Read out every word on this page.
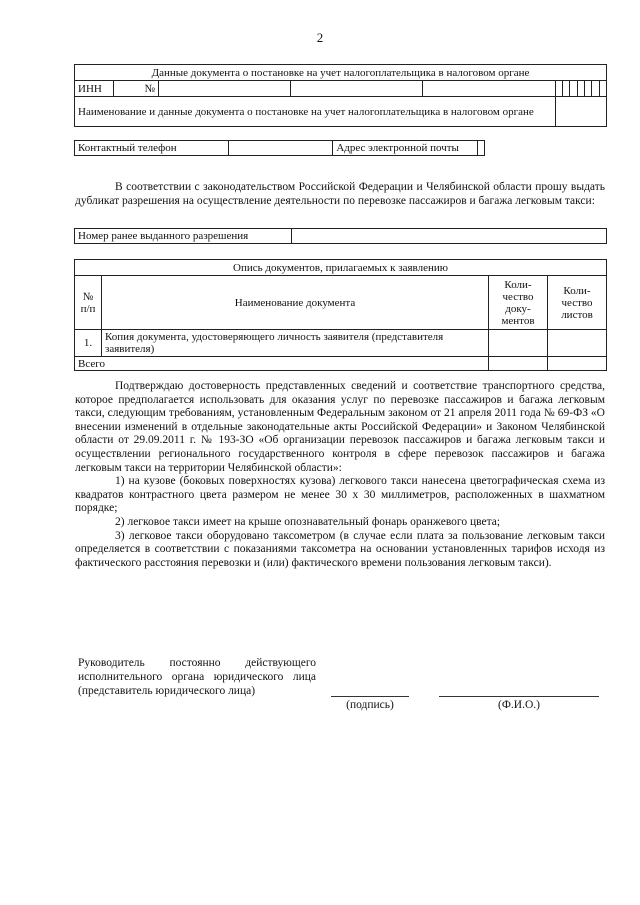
2
Данные документа о постановке на учет налогоплательщика в налоговом органе											
ИНН	№										
Наименование и данные документа о постановке на учет налогоплательщика в налоговом органе											
Контактный телефон		Адрес электронной почты	
В соответствии с законодательством Российской Федерации и Челябинской области прошу выдать дубликат разрешения на осуществление деятельности по перевозке пассажиров и багажа легковым такси:
Номер ранее выданного разрешения	
Опись документов, прилагаемых к заявлению			
№ п/п	Наименование документа	Коли-чество доку-ментов	Коли-чество листов
1.	Копия документа, удостоверяющего личность заявителя (представителя заявителя)		
Всего			

Подтверждаю достоверность представленных сведений и соответствие транспортного средства, которое предполагается использовать для оказания услуг по перевозке пассажиров и багажа легковым такси, следующим требованиям, установленным Федеральным законом от 21 апреля 2011 года № 69-ФЗ «О внесении изменений в отдельные законодательные акты Российской Федерации» и Законом Челябинской области от 29.09.2011 г. № 193-ЗО «Об организации перевозок пассажиров и багажа легковым такси и осуществлении регионального государственного контроля в сфере перевозок пассажиров и багажа легковым такси на территории Челябинской области»:

1) на кузове (боковых поверхностях кузова) легкового такси нанесена цветографическая схема из квадратов контрастного цвета размером не менее 30 х 30 миллиметров, расположенных в шахматном порядке;

2) легковое такси имеет на крыше опознавательный фонарь оранжевого цвета;

3) легковое такси оборудовано таксометром (в случае если плата за пользование легковым такси определяется в соответствии с показаниями таксометра на основании установленных тарифов исходя из фактического расстояния перевозки и (или) фактического времени пользования легковым такси).

Руководитель постоянно действующего исполнительного органа юридического лица (представитель юридического лица)
(подпись)	(Ф.И.О.)
